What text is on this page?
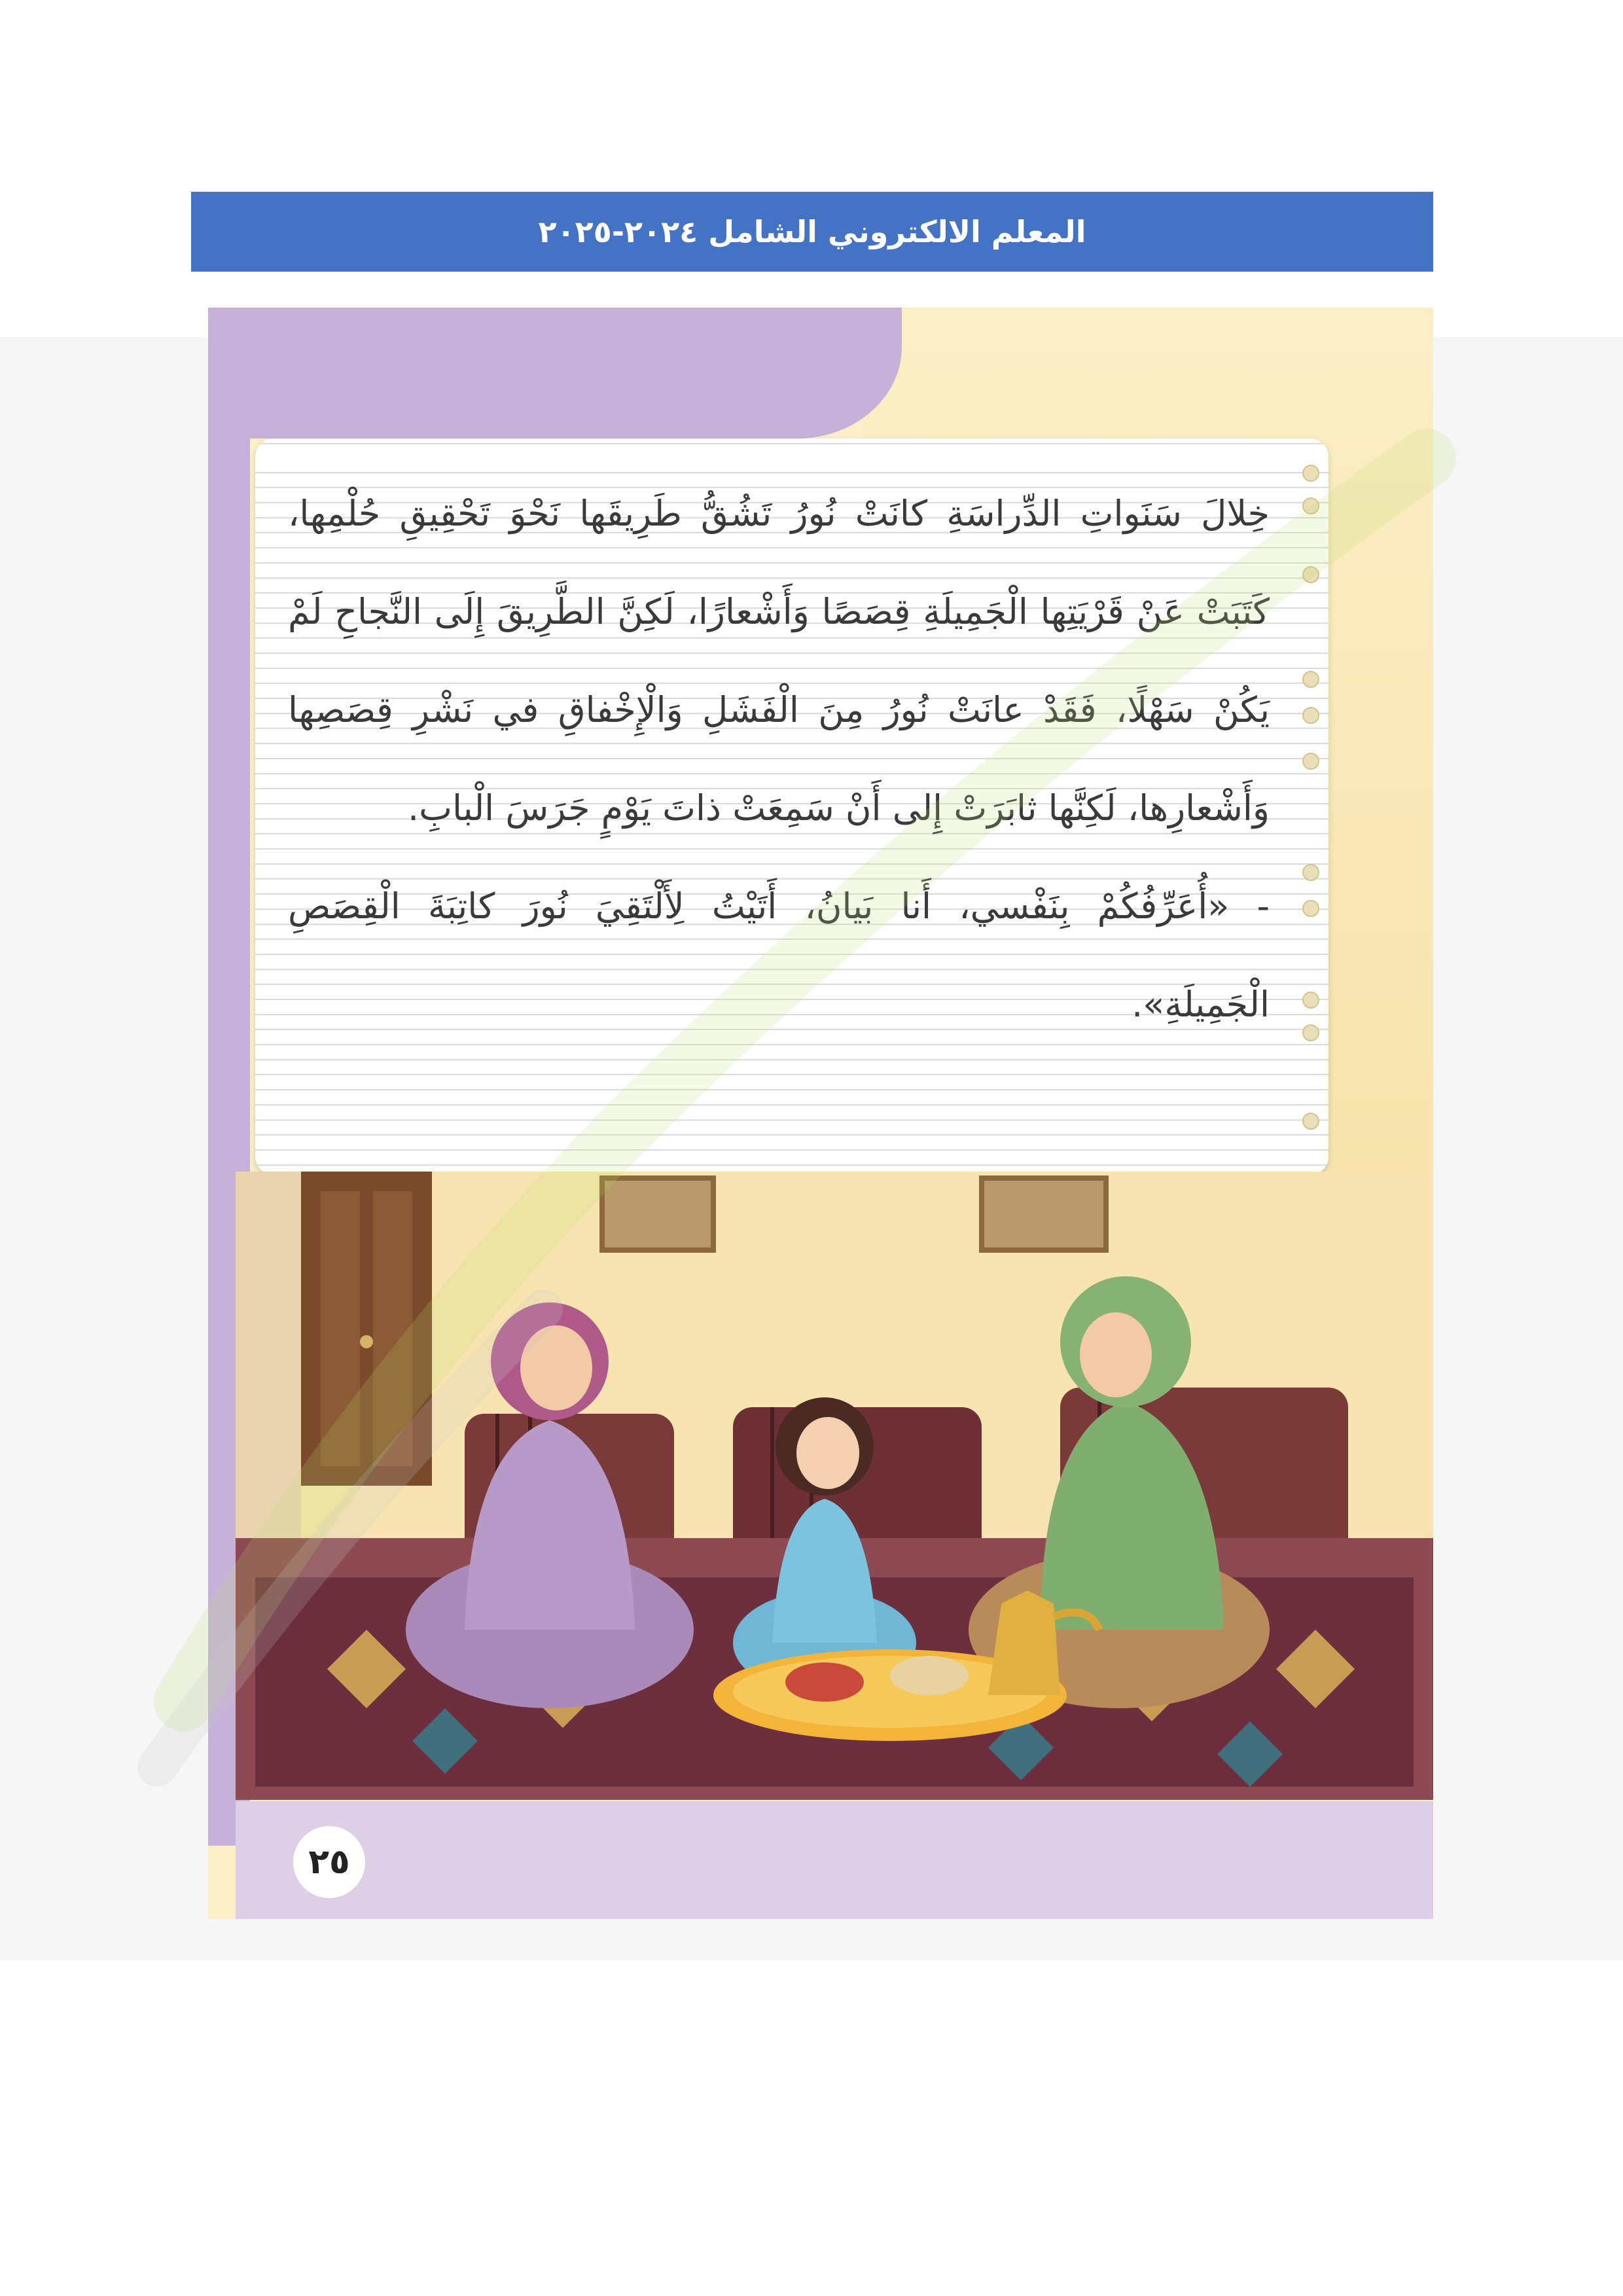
المعلم الالكتروني الشامل ٢٠٢٤-٢٠٢٥

خِلالَ سَنَواتِ الدِّراسَةِ كانَتْ نُورُ تَشُقُّ طَرِيقَها نَحْوَ تَحْقِيقِ حُلْمِها، كَتَبَتْ عَنْ قَرْيَتِها الْجَمِيلَةِ قِصَصًا وَأَشْعارًا، لَكِنَّ الطَّرِيقَ إِلَى النَّجاحِ لَمْ يَكُنْ سَهْلًا، فَقَدْ عانَتْ نُورُ مِنَ الْفَشَلِ وَالْإِخْفاقِ في نَشْرِ قِصَصِها وَأَشْعارِها، لَكِنَّها ثابَرَتْ إِلى أَنْ سَمِعَتْ ذاتَ يَوْمٍ جَرَسَ الْبابِ.

- «أُعَرِّفُكُمْ بِنَفْسي، أَنا بَيانُ، أَتَيْتُ لِأَلْتَقِيَ نُورَ كاتِبَةَ الْقِصَصِ الْجَمِيلَةِ».

٢٥
